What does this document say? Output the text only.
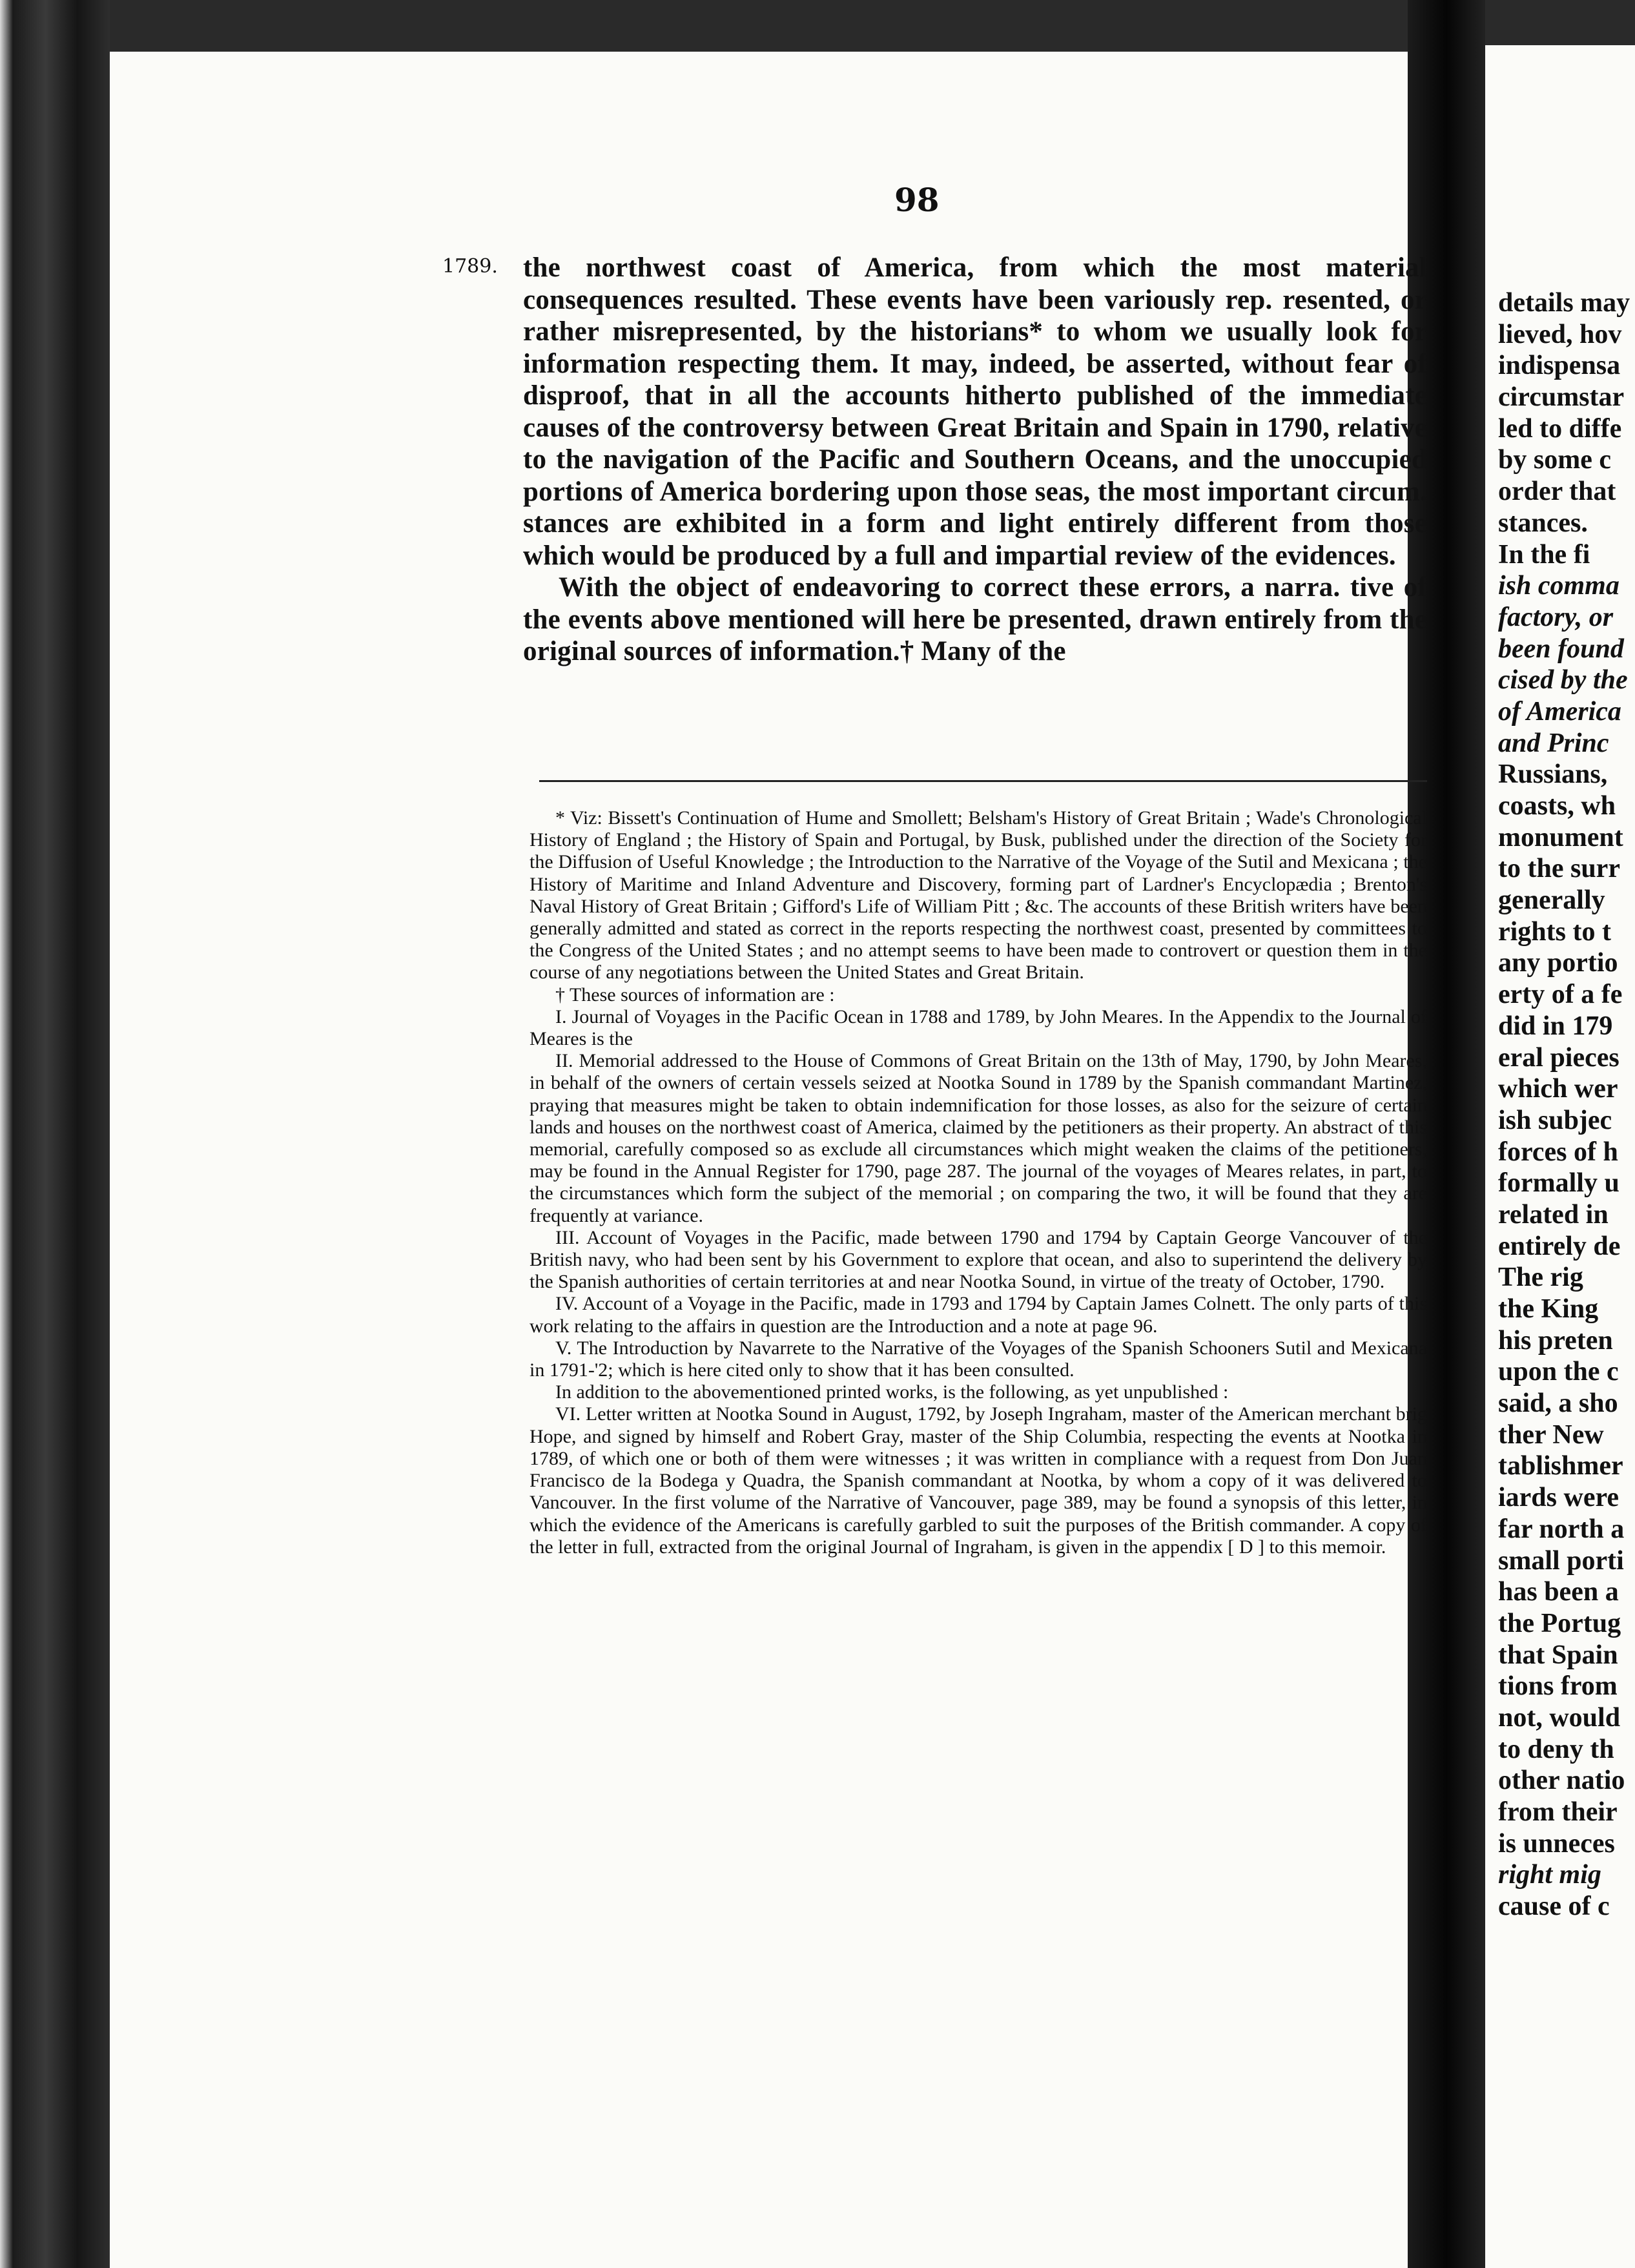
98
1789. the northwest coast of America, from which the most material consequences resulted. These events have been variously rep. resented, or rather misrepresented, by the historians* to whom we usually look for information respecting them. It may, indeed, be asserted, without fear of disproof, that in all the accounts hitherto published of the immediate causes of the controversy between Great Britain and Spain in 1790, relative to the navigation of the Pacific and Southern Oceans, and the unoccupied portions of America bordering upon those seas, the most important circum. stances are exhibited in a form and light entirely different from those which would be produced by a full and impartial review of the evidences.

With the object of endeavoring to correct these errors, a narra. tive of the events above mentioned will here be presented, drawn entirely from the original sources of information.† Many of the

* Viz: Bissett's Continuation of Hume and Smollett; Belsham's History of Great Britain ; Wade's Chronological History of England ; the History of Spain and Portugal, by Busk, published under the direction of the Society for the Diffusion of Useful Knowledge ; the Introduction to the Narrative of the Voyage of the Sutil and Mexicana ; the History of Maritime and Inland Adventure and Discovery, forming part of Lardner's Encyclopædia ; Brenton's Naval History of Great Britain ; Gifford's Life of William Pitt ; &c. The accounts of these British writers have been generally admitted and stated as correct in the reports respecting the northwest coast, presented by committees to the Congress of the United States ; and no attempt seems to have been made to controvert or question them in the course of any negotiations between the United States and Great Britain.

† These sources of information are :

I. Journal of Voyages in the Pacific Ocean in 1788 and 1789, by John Meares. In the Appendix to the Journal of Meares is the

II. Memorial addressed to the House of Commons of Great Britain on the 13th of May, 1790, by John Meares, in behalf of the owners of certain vessels seized at Nootka Sound in 1789 by the Spanish commandant Martinez, praying that measures might be taken to obtain indemnification for those losses, as also for the seizure of certain lands and houses on the northwest coast of America, claimed by the petitioners as their property. An abstract of this memorial, carefully composed so as exclude all circumstances which might weaken the claims of the petitioners, may be found in the Annual Register for 1790, page 287. The journal of the voyages of Meares relates, in part, to the circumstances which form the subject of the memorial ; on comparing the two, it will be found that they are frequently at variance.

III. Account of Voyages in the Pacific, made between 1790 and 1794 by Captain George Vancouver of the British navy, who had been sent by his Government to explore that ocean, and also to superintend the delivery by the Spanish authorities of certain territories at and near Nootka Sound, in virtue of the treaty of October, 1790.

IV. Account of a Voyage in the Pacific, made in 1793 and 1794 by Captain James Colnett. The only parts of this work relating to the affairs in question are the Introduction and a note at page 96.

V. The Introduction by Navarrete to the Narrative of the Voyages of the Spanish Schooners Sutil and Mexicana in 1791-'2; which is here cited only to show that it has been consulted.

In addition to the abovementioned printed works, is the following, as yet unpublished :

VI. Letter written at Nootka Sound in August, 1792, by Joseph Ingraham, master of the American merchant brig Hope, and signed by himself and Robert Gray, master of the Ship Columbia, respecting the events at Nootka in 1789, of which one or both of them were witnesses ; it was written in compliance with a request from Don Juan Francisco de la Bodega y Quadra, the Spanish commandant at Nootka, by whom a copy of it was delivered to Vancouver. In the first volume of the Narrative of Vancouver, page 389, may be found a synopsis of this letter, in which the evidence of the Americans is carefully garbled to suit the purposes of the British commander. A copy of the letter in full, extracted from the original Journal of Ingraham, is given in the appendix [ D ] to this memoir.

details may
lieved, hov
indispensa
circumstar
led to diffe
by some c
order that
stances.
In the fi
ish comma
factory, or
been found
cised by the
of America
and Princ
Russians,
coasts, wh
monument
to the surr
generally
rights to t
any portio
erty of a fe
did in 179
eral pieces
which wer
ish subjec
forces of h
formally u
related in
entirely de
The rig
the King
his preten
upon the c
said, a sho
ther New
tablishmer
iards were
far north a
small porti
has been a
the Portug
that Spain
tions from
not, would
to deny th
other natio
from their
is unneces
right mig
cause of c
